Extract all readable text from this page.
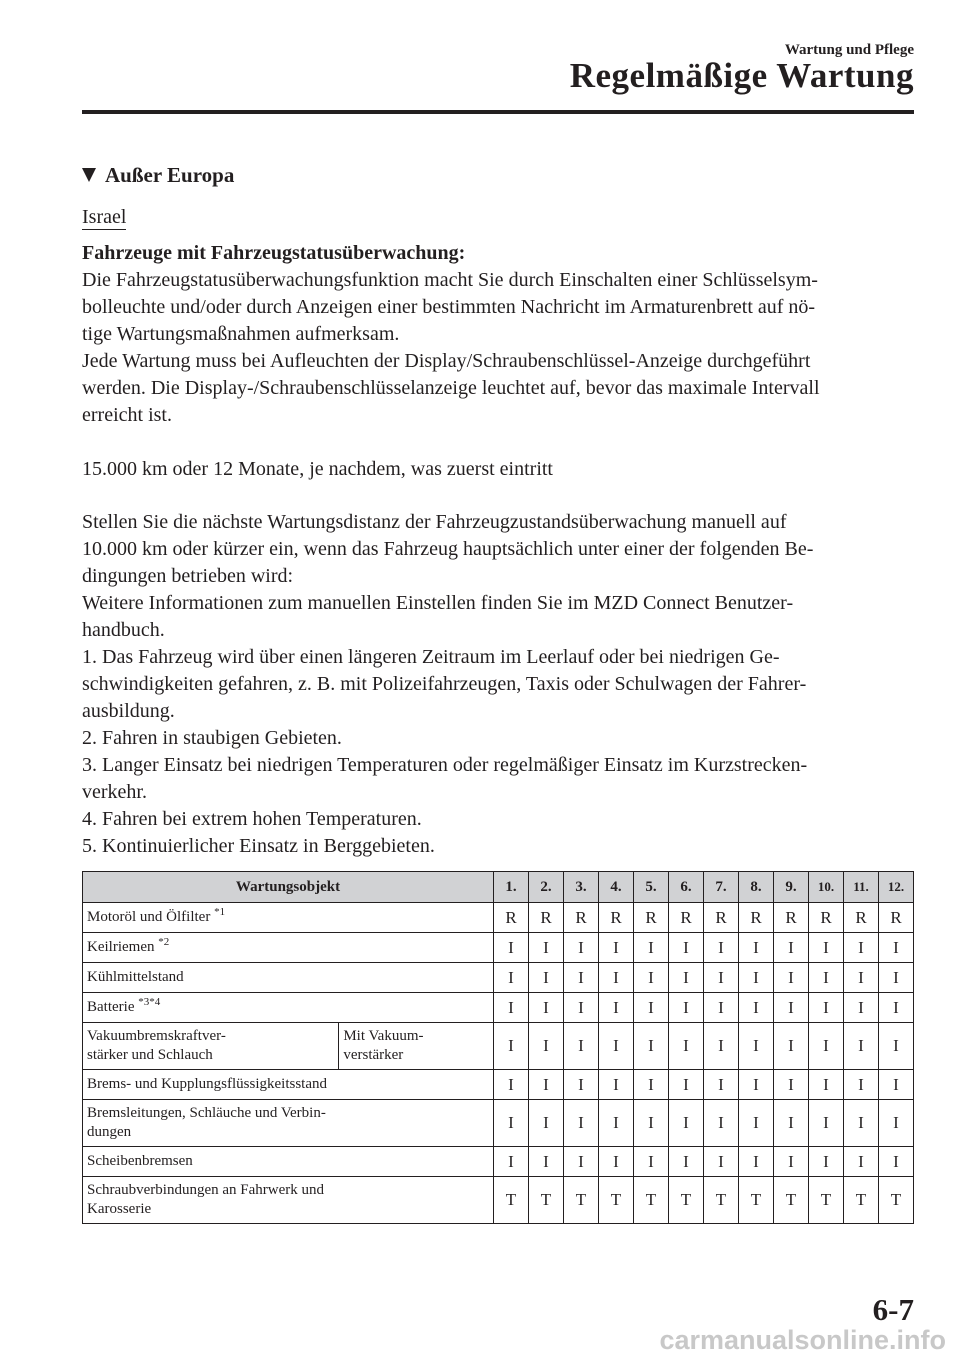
Wartung und Pflege
Regelmäßige Wartung
Außer Europa

Israel

Fahrzeuge mit Fahrzeugstatusüberwachung:

Die Fahrzeugstatusüberwachungsfunktion macht Sie durch Einschalten einer Schlüsselsym-

bolleuchte und/oder durch Anzeigen einer bestimmten Nachricht im Armaturenbrett auf nö-

tige Wartungsmaßnahmen aufmerksam.

Jede Wartung muss bei Aufleuchten der Display/Schraubenschlüssel-Anzeige durchgeführt

werden. Die Display-/Schraubenschlüsselanzeige leuchtet auf, bevor das maximale Intervall

erreicht ist.

15.000 km oder 12 Monate, je nachdem, was zuerst eintritt

Stellen Sie die nächste Wartungsdistanz der Fahrzeugzustandsüberwachung manuell auf

10.000 km oder kürzer ein, wenn das Fahrzeug hauptsächlich unter einer der folgenden Be-

dingungen betrieben wird:

Weitere Informationen zum manuellen Einstellen finden Sie im MZD Connect Benutzer-

handbuch.

1. Das Fahrzeug wird über einen längeren Zeitraum im Leerlauf oder bei niedrigen Ge-

schwindigkeiten gefahren, z. B. mit Polizeifahrzeugen, Taxis oder Schulwagen der Fahrer-

ausbildung.

2. Fahren in staubigen Gebieten.

3. Langer Einsatz bei niedrigen Temperaturen oder regelmäßiger Einsatz im Kurzstrecken-

verkehr.

4. Fahren bei extrem hohen Temperaturen.

5. Kontinuierlicher Einsatz in Berggebieten.

Wartungsobjekt		1.	2.	3.	4.	5.	6.	7.	8.	9.	10.	11.	12.
Motoröl und Ölfilter $^{*1}$		R	R	R	R	R	R	R	R	R	R	R	R
Keilriemen $^{*2}$		I	I	I	I	I	I	I	I	I	I	I	I
Kühlmittelstand		I	I	I	I	I	I	I	I	I	I	I	I
Batterie $^{*3*4}$		I	I	I	I	I	I	I	I	I	I	I	I
Vakuumbremskraftver-
stärker und Schlauch	Mit Vakuum-
verstärker	I	I	I	I	I	I	I	I	I	I	I	I
Brems- und Kupplungsflüssigkeitsstand		I	I	I	I	I	I	I	I	I	I	I	I
Bremsleitungen, Schläuche und Verbin-
dungen		I	I	I	I	I	I	I	I	I	I	I	I
Scheibenbremsen		I	I	I	I	I	I	I	I	I	I	I	I
Schraubverbindungen an Fahrwerk und
Karosserie		T	T	T	T	T	T	T	T	T	T	T	T
6-7
carmanualsonline.info
